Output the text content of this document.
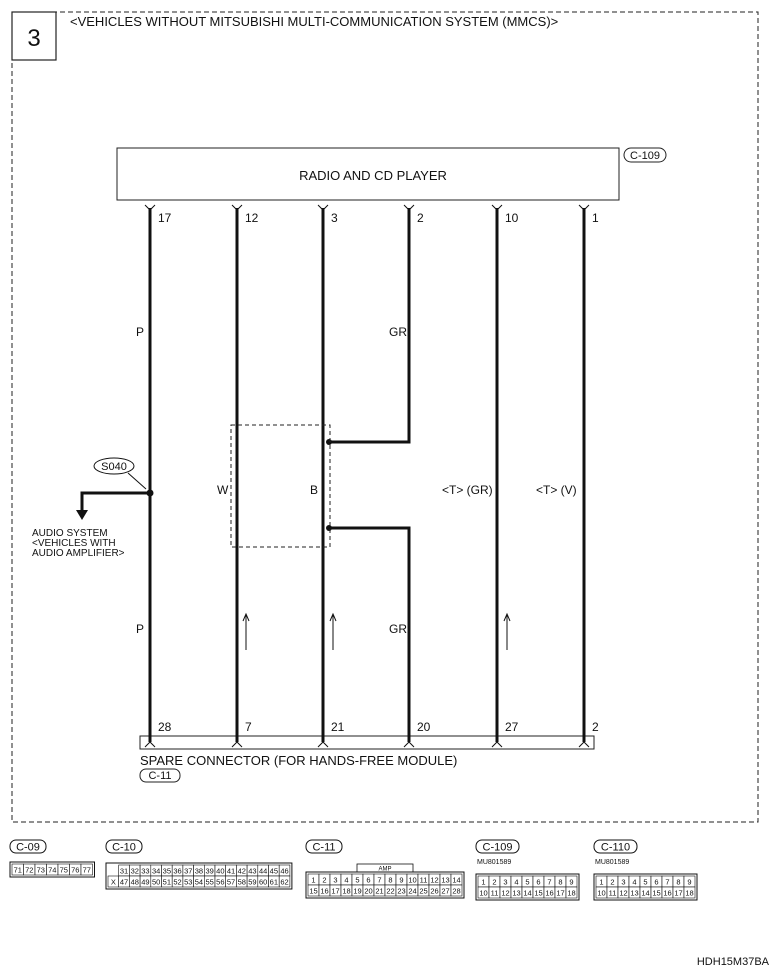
3
<VEHICLES WITHOUT MITSUBISHI MULTI-COMMUNICATION SYSTEM (MMCS)>
RADIO AND CD PLAYER
C-109
SPARE CONNECTOR (FOR HANDS-FREE MODULE)
C-11
17	12	3	2	10	1
28	7	21	20	27	2
P
P
W	B
GR
GR
<T> (GR)	<T> (V)
S040
AUDIO SYSTEM
<VEHICLES WITH
AUDIO AMPLIFIER>
C-09
71 72 73 74 75 76 77
C-10
31 32 33 34 35 36 37 38 39 40 41 42 43 44 45 46
X 47 48 49 50 51 52 53 54 55 56 57 58 59 60 61 62
C-11
AMP
1 2 3 4 5 6 7 8 9 10 11 12 13 14
15 16 17 18 19 20 21 22 23 24 25 26 27 28
C-109
MU801589
1 2 3 4 5 6 7 8 9
10 11 12 13 14 15 16 17 18
C-110
MU801589
1 2 3 4 5 6 7 8 9
10 11 12 13 14 15 16 17 18
HDH15M37BA
